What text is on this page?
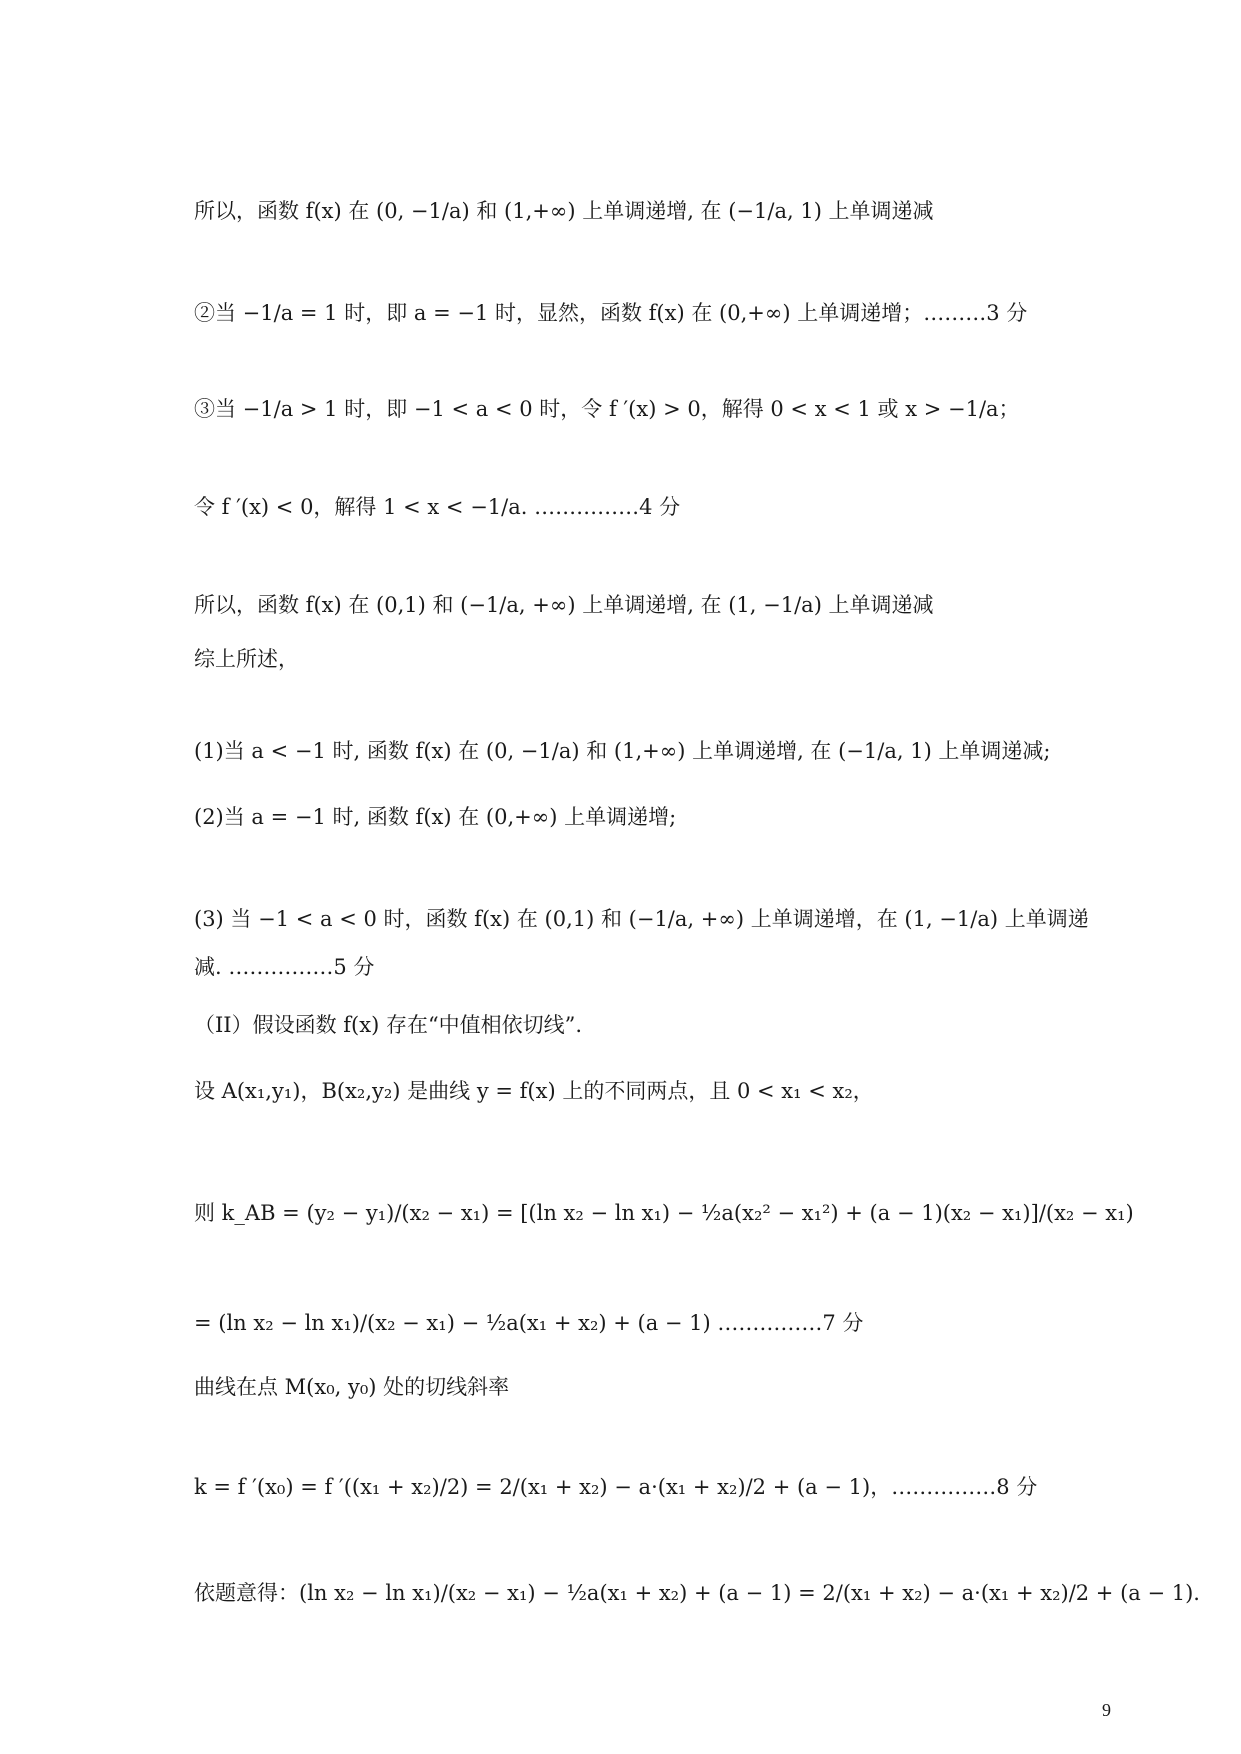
所以，函数 f(x) 在 (0, −1/a) 和 (1,+∞) 上单调递增, 在 (−1/a, 1) 上单调递减
②当 −1/a = 1 时，即 a = −1 时，显然，函数 f(x) 在 (0,+∞) 上单调递增；………3 分
③当 −1/a > 1 时，即 −1 < a < 0 时，令 f ′(x) > 0，解得 0 < x < 1 或 x > −1/a；
令 f ′(x) < 0，解得 1 < x < −1/a. ……………4 分
所以，函数 f(x) 在 (0,1) 和 (−1/a, +∞) 上单调递增, 在 (1, −1/a) 上单调递减
综上所述，
(1)当 a < −1 时, 函数 f(x) 在 (0, −1/a) 和 (1,+∞) 上单调递增, 在 (−1/a, 1) 上单调递减;
(2)当 a = −1 时, 函数 f(x) 在 (0,+∞) 上单调递增;
(3) 当 −1 < a < 0 时，函数 f(x) 在 (0,1) 和 (−1/a, +∞) 上单调递增，在 (1, −1/a) 上单调递
减. ……………5 分
（II）假设函数 f(x) 存在“中值相依切线”.
设 A(x₁,y₁)，B(x₂,y₂) 是曲线 y = f(x) 上的不同两点，且 0 < x₁ < x₂，
则 k_AB = (y₂ − y₁)/(x₂ − x₁) = [(ln x₂ − ln x₁) − ½a(x₂² − x₁²) + (a − 1)(x₂ − x₁)]/(x₂ − x₁)
= (ln x₂ − ln x₁)/(x₂ − x₁) − ½a(x₁ + x₂) + (a − 1) ……………7 分
曲线在点 M(x₀, y₀) 处的切线斜率
k = f ′(x₀) = f ′((x₁ + x₂)/2) = 2/(x₁ + x₂) − a·(x₁ + x₂)/2 + (a − 1)，……………8 分
依题意得：(ln x₂ − ln x₁)/(x₂ − x₁) − ½a(x₁ + x₂) + (a − 1) = 2/(x₁ + x₂) − a·(x₁ + x₂)/2 + (a − 1).
9
